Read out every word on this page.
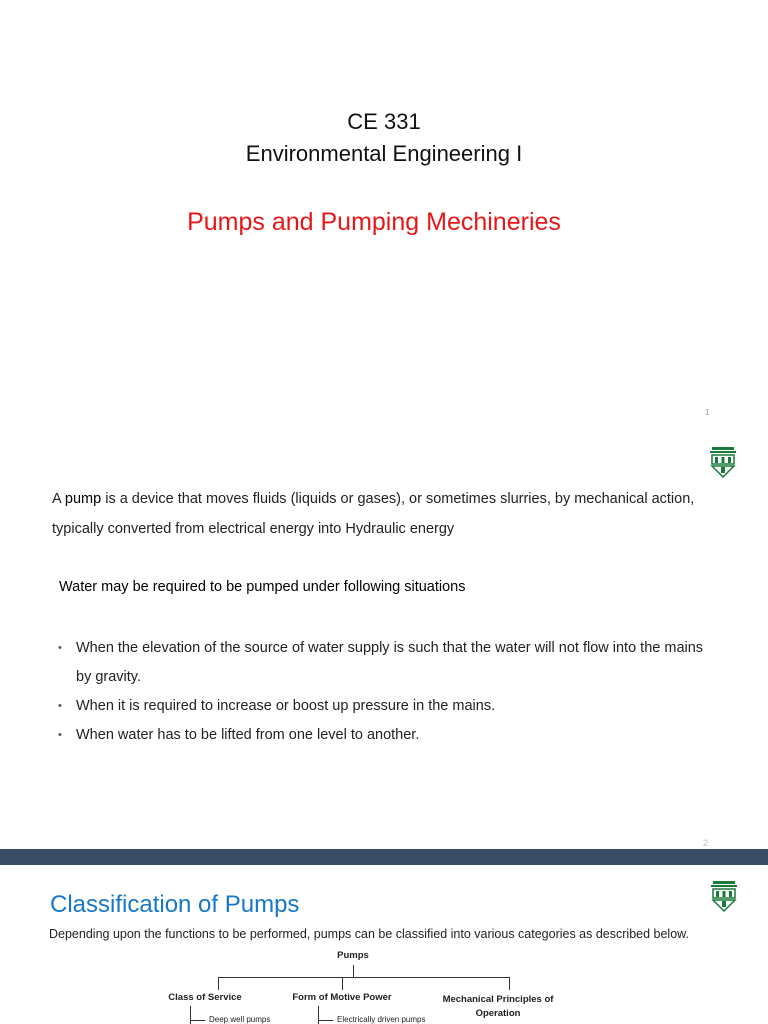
CE 331
Environmental Engineering I
Pumps and Pumping Mechineries
1
A pump is a device that moves fluids (liquids or gases), or sometimes slurries, by mechanical action, typically converted from electrical energy into Hydraulic energy
Water may be required to be pumped under following situations
• When the elevation of the source of water supply is such that the water will not flow into the mains by gravity.
• When it is required to increase or boost up pressure in the mains.
• When water has to be lifted from one level to another.
2
Classification of Pumps
Depending upon the functions to be performed, pumps can be classified into various categories as described below.
Pumps
Class of Service	Form of Motive Power	Mechanical Principles of Operation
Deep well pumps	Electrically driven pumps
